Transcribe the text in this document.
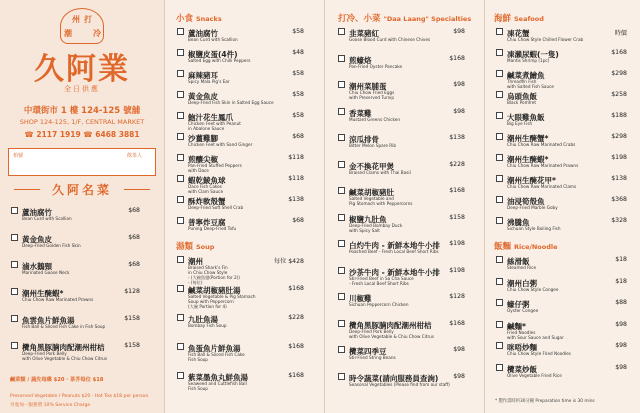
潮
州 打
冷
久阿業
全日供應
中環街市 1 樓 124-125 號舖
SHOP 124-125, 1/F, CENTRAL MARKET
☎ 2117 1919 ☎ 6468 3881
枱號	飲茶人
久阿名菜
蘆油腐竹
Bean Curd with Scallion
$68
黃金魚皮
Deep-Fried Golden Fish Skin
$68
滷水鵝頸
Marinated Goose Neck
$68
潮州生醃蝦*
Chiu Chow Raw Marinated Prawns
$128
魚雲魚片鮮魚湯
Fish Ball & Sliced Fish Cake in Fish Soup
$158
欖角黑豚腩肉配潮州柑桔
Deep-Fried Pork Belly
with Olive Vegetable & Chiu Chow Citrus
$158
鹹菜類 / 蔬先每碟 $20 · 茶芥每位 $18
Preserved Vegetable / Peanuts $20 · Hot Tea $18 per person
另收加一服務費 10% Service Charge
小食 Snacks
蘆油腐竹
Bean Curd with Scallion
$58
椒鹽皮蛋(4件)
Salted Egg with Chilli Peppers
$48
麻辣豬耳
Spicy Mala Pig's Ear
$58
黃金魚皮
Deep-Fried Fish Skin in Salted Egg Sauce
$58
鮑汁花生鳳爪
Chicken Feet with Peanut
in Abalone Sauce
$58
沙薑雞腳
Chicken Feet with Sand Ginger
$68
煎釀尖椒
Pan-Fried Stuffed Peppers
with Dace
$118
蝦乾鯪魚球
Dace Fish Cakes
with Clam Sauce
$118
酥炸軟殼蟹
Deep-Fried Soft Shell Crab
$138
普寧炸豆腐
Puning Deep-Fried Tofu
$68
湯類 Soup
潮州
Braised Shark's Fin
in Chiu Chow Style
- (大碗魚翅(Portion for 2))
- (每位)
每位 $428
鹹菜胡椒豬肚湯
Salted Vegetable & Pig Stomach
Soup with Peppercorn
(大碗 Portion for 4)
$168
九肚魚湯
Bombay Fish Soup
$228
魚蛋魚片鮮魚湯
Fish Ball & Sliced Fish Cake
Fish Soup
$168
紫菜墨魚丸鮮魚湯
Seaweed and Cuttlefish Ball
Fish Soup
$168
打冷、小菜 "Daa Laang" Specialties
韭菜豬紅
Goose Blood Curd with Chinese Chives
$98
煎蠔烙
Pan-Fried Oyster Pancake
$168
潮州菜脯蛋
Chiu Chow Fried Eggs
with Preserved Turnip
$98
香菜雞
Mustard Greens Chicken
$98
涼瓜排骨
Bitter Melon Spare Rib
$138
金不換花甲煲
Braised Clams with Thai Basil
$228
鹹菜胡椒豬肚
Salted Vegetable and
Pig Stomach with Peppercorns
$168
椒鹽九肚魚
Deep-Fried Bombay Duck
with Spicy Salt
$158
白灼牛肉 - 新鮮本地牛小排
Poached Beef - Fresh Local Beef Short Ribs
$198
沙茶牛肉 - 新鮮本地牛小排
Stir-Fried Beef in Sa Cha Sauce
- Fresh Local Beef Short Ribs
$198
川椒雞
Sichuan Peppercorn Chicken
$128
欖角黑豚腩肉配潮州柑桔
Deep-Fried Pork Belly
with Olive Vegetable & Chiu Chow Citrus
$168
欖菜四季豆
Stir-Fried String Beans
$98
時令蔬菜(請向服務員查詢)
Seasonal Vegetables (Please find from our staff)
$98
海鮮 Seafood
凍花蟹
Chiu Chow Style Chilled Flower Crab
時價
凍瀨尿蝦(一隻)
Mantis Shrimp (1pc)
$168
鹹菜煮鱠魚
Threadfin Fish
with Salted Fish Sauce
$298
烏頭魚飯
Black Pomfret
$258
大眼雞魚飯
Big Eye Fish
$188
潮州生醃蟹*
Chiu Chow Raw Marinated Crabs
$298
潮州生醃蝦*
Chiu Chow Raw Marinated Prawns
$198
潮州生醃花甲*
Chiu Chow Raw Marinated Clams
$138
油浸筍殼魚
Deep-Fried Marble Goby
$368
沸騰魚
Sichuan Style Boiling Fish
$328
飯麵 Rice/Noodle
絲滑飯
Steamed Rice
$18
潮州白粥
Chiu Chow Style Congee
$18
蠔仔粥
Oyster Congee
$88
鹹麵*
Fried Noodles
with Sour Sauce and Sugar
$98
咪唔炒麵
Chiu Chow Style Fried Noodles
$98
欖菜炒飯
Olive Vegetable Fried Rice
$98
* 製作需時約30分鐘 Preparation time is 30 mins
